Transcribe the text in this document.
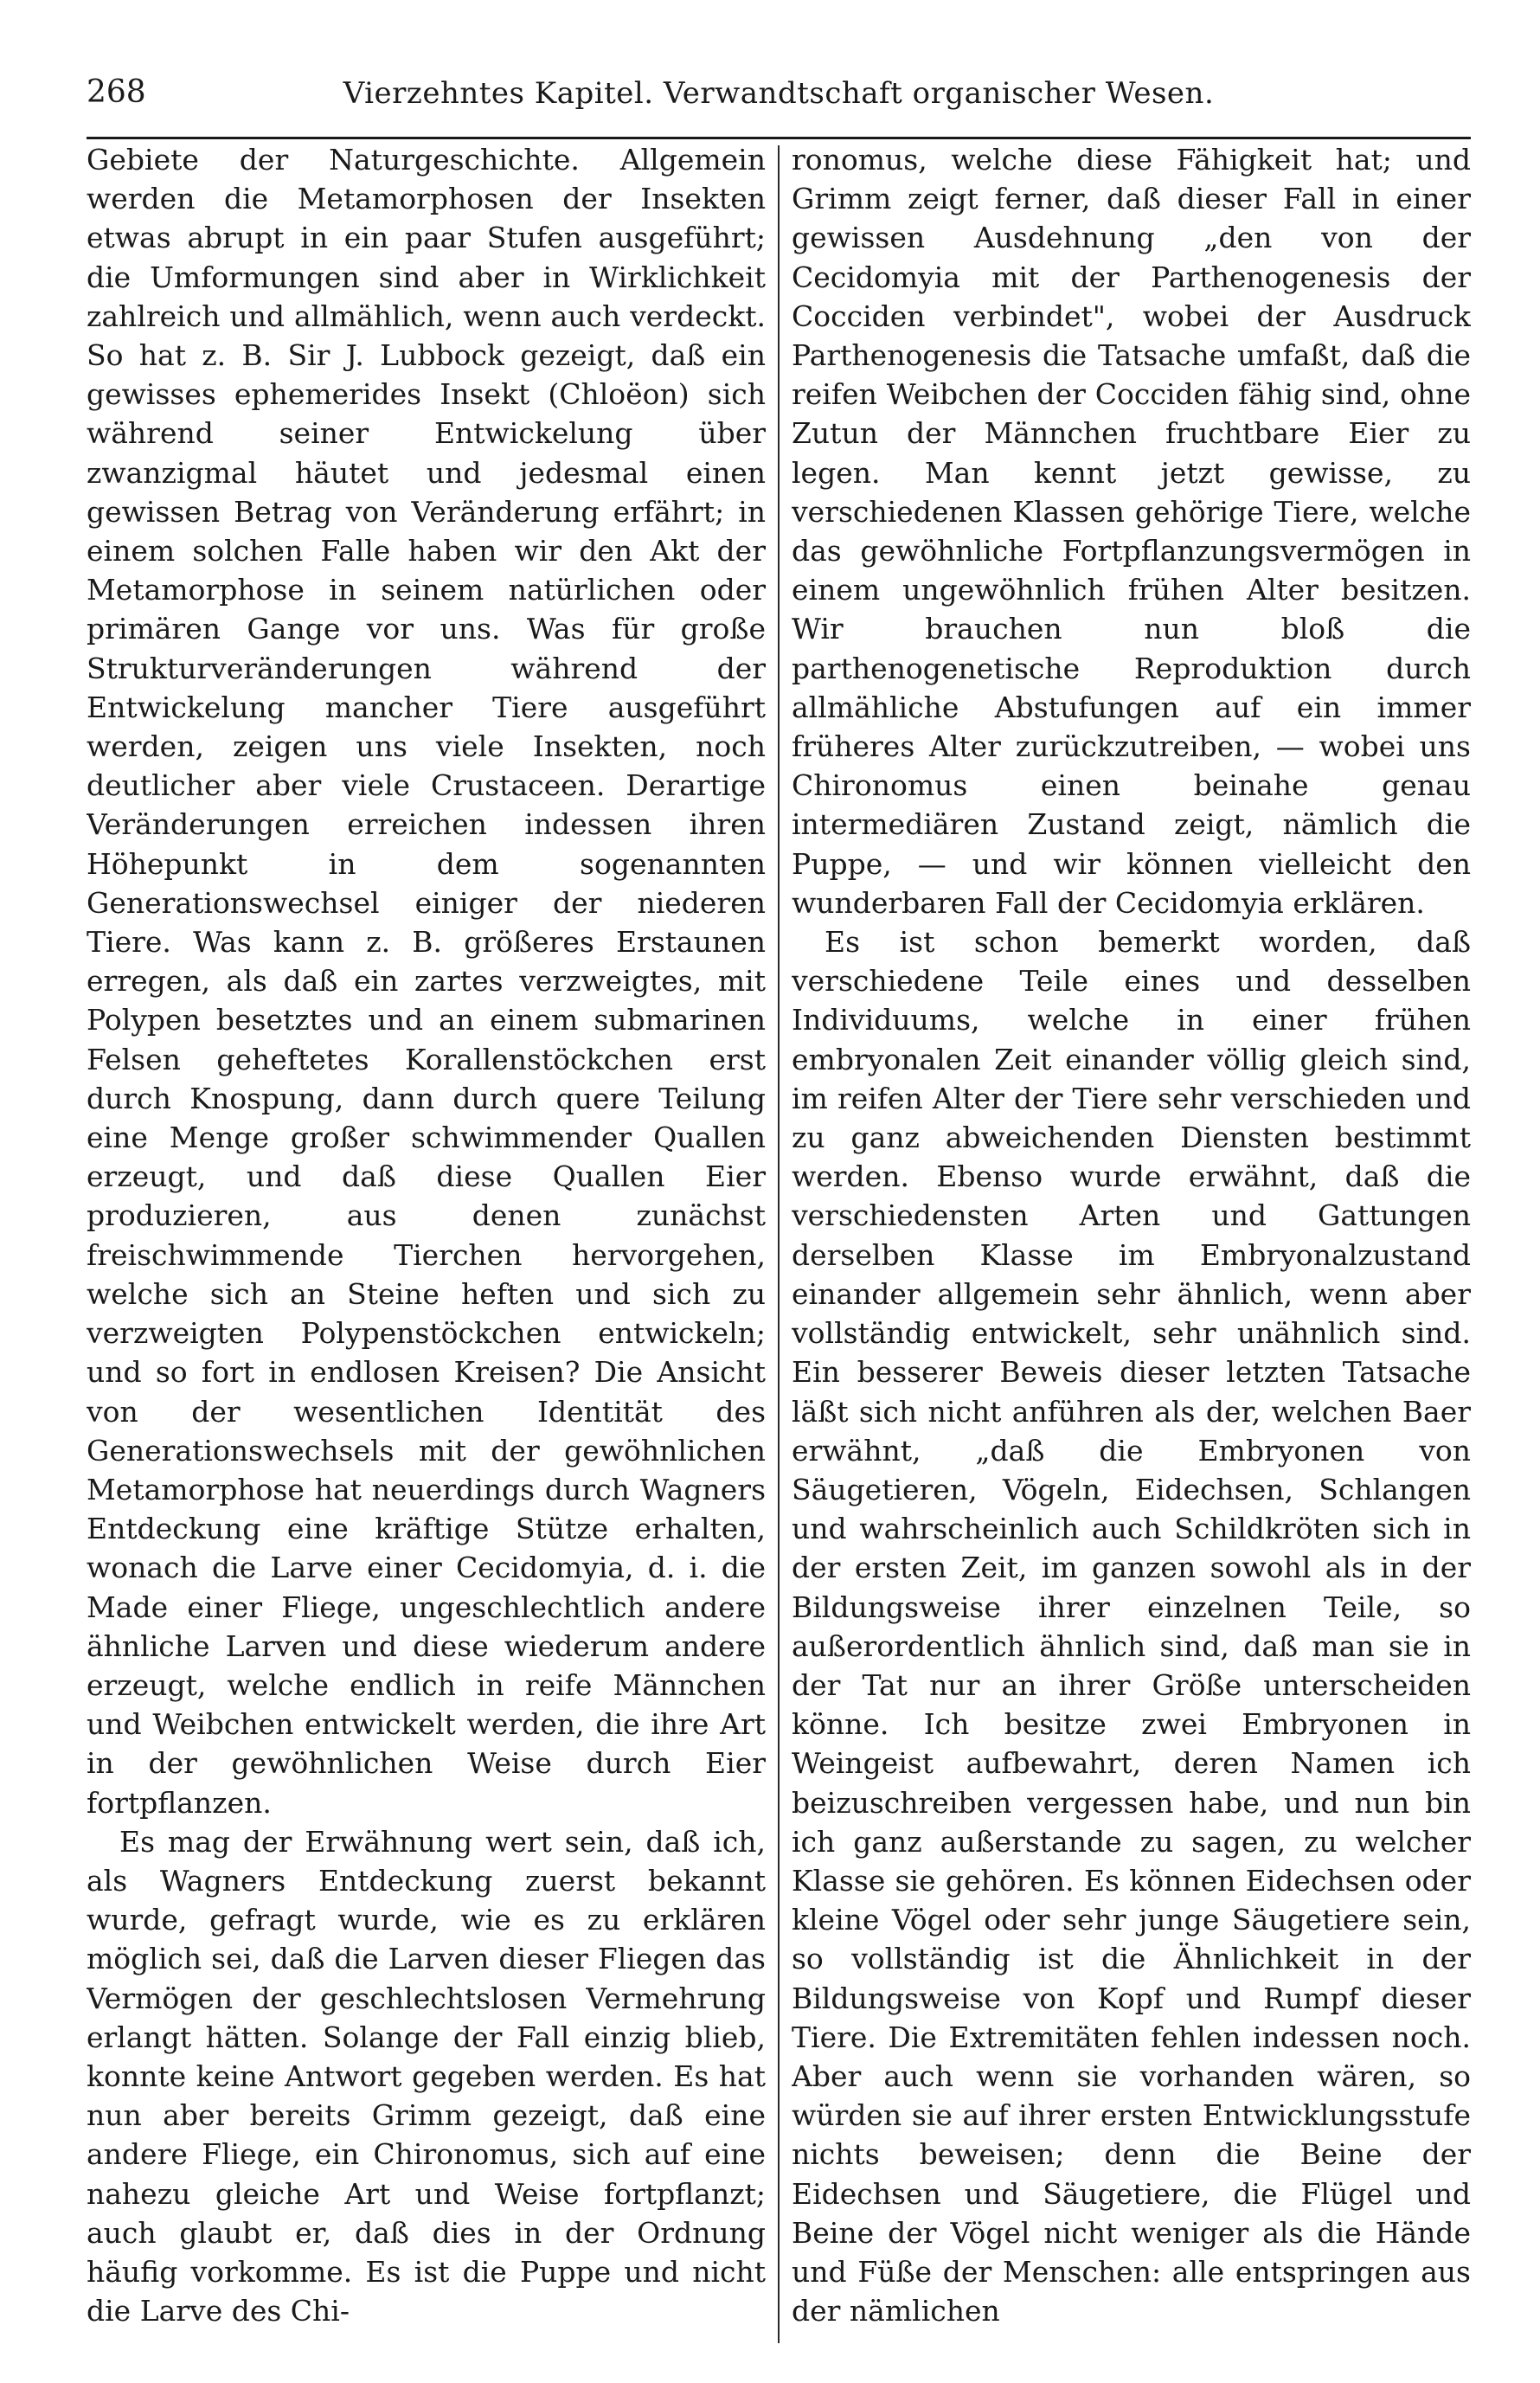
268	Vierzehntes Kapitel. Verwandtschaft organischer Wesen.

Gebiete der Naturgeschichte. Allgemein werden die Metamorphosen der Insekten etwas abrupt in ein paar Stufen ausgeführt; die Umformungen sind aber in Wirklichkeit zahlreich und allmählich, wenn auch verdeckt. So hat z. B. Sir J. Lubbock gezeigt, daß ein gewisses ephemerides Insekt (Chloëon) sich während seiner Entwickelung über zwanzigmal häutet und jedesmal einen gewissen Betrag von Veränderung erfährt; in einem solchen Falle haben wir den Akt der Metamorphose in seinem natürlichen oder primären Gange vor uns. Was für große Strukturveränderungen während der Entwickelung mancher Tiere ausgeführt werden, zeigen uns viele Insekten, noch deutlicher aber viele Crustaceen. Derartige Veränderungen erreichen indessen ihren Höhepunkt in dem sogenannten Generationswechsel einiger der niederen Tiere. Was kann z. B. größeres Erstaunen erregen, als daß ein zartes verzweigtes, mit Polypen besetztes und an einem submarinen Felsen geheftetes Korallenstöckchen erst durch Knospung, dann durch quere Teilung eine Menge großer schwimmender Quallen erzeugt, und daß diese Quallen Eier produzieren, aus denen zunächst freischwimmende Tierchen hervorgehen, welche sich an Steine heften und sich zu verzweigten Polypenstöckchen entwickeln; und so fort in endlosen Kreisen? Die Ansicht von der wesentlichen Identität des Generationswechsels mit der gewöhnlichen Metamorphose hat neuerdings durch Wagners Entdeckung eine kräftige Stütze erhalten, wonach die Larve einer Cecidomyia, d. i. die Made einer Fliege, ungeschlechtlich andere ähnliche Larven und diese wiederum andere erzeugt, welche endlich in reife Männchen und Weibchen entwickelt werden, die ihre Art in der gewöhnlichen Weise durch Eier fortpflanzen.

Es mag der Erwähnung wert sein, daß ich, als Wagners Entdeckung zuerst bekannt wurde, gefragt wurde, wie es zu erklären möglich sei, daß die Larven dieser Fliegen das Vermögen der geschlechtslosen Vermehrung erlangt hätten. Solange der Fall einzig blieb, konnte keine Antwort gegeben werden. Es hat nun aber bereits Grimm gezeigt, daß eine andere Fliege, ein Chironomus, sich auf eine nahezu gleiche Art und Weise fortpflanzt; auch glaubt er, daß dies in der Ordnung häufig vorkomme. Es ist die Puppe und nicht die Larve des Chi-

ronomus, welche diese Fähigkeit hat; und Grimm zeigt ferner, daß dieser Fall in einer gewissen Ausdehnung „den von der Cecidomyia mit der Parthenogenesis der Cocciden verbindet", wobei der Ausdruck Parthenogenesis die Tatsache umfaßt, daß die reifen Weibchen der Cocciden fähig sind, ohne Zutun der Männchen fruchtbare Eier zu legen. Man kennt jetzt gewisse, zu verschiedenen Klassen gehörige Tiere, welche das gewöhnliche Fortpflanzungsvermögen in einem ungewöhnlich frühen Alter besitzen. Wir brauchen nun bloß die parthenogenetische Reproduktion durch allmähliche Abstufungen auf ein immer früheres Alter zurückzutreiben, — wobei uns Chironomus einen beinahe genau intermediären Zustand zeigt, nämlich die Puppe, — und wir können vielleicht den wunderbaren Fall der Cecidomyia erklären.

Es ist schon bemerkt worden, daß verschiedene Teile eines und desselben Individuums, welche in einer frühen embryonalen Zeit einander völlig gleich sind, im reifen Alter der Tiere sehr verschieden und zu ganz abweichenden Diensten bestimmt werden. Ebenso wurde erwähnt, daß die verschiedensten Arten und Gattungen derselben Klasse im Embryonalzustand einander allgemein sehr ähnlich, wenn aber vollständig entwickelt, sehr unähnlich sind. Ein besserer Beweis dieser letzten Tatsache läßt sich nicht anführen als der, welchen Baer erwähnt, „daß die Embryonen von Säugetieren, Vögeln, Eidechsen, Schlangen und wahrscheinlich auch Schildkröten sich in der ersten Zeit, im ganzen sowohl als in der Bildungsweise ihrer einzelnen Teile, so außerordentlich ähnlich sind, daß man sie in der Tat nur an ihrer Größe unterscheiden könne. Ich besitze zwei Embryonen in Weingeist aufbewahrt, deren Namen ich beizuschreiben vergessen habe, und nun bin ich ganz außerstande zu sagen, zu welcher Klasse sie gehören. Es können Eidechsen oder kleine Vögel oder sehr junge Säugetiere sein, so vollständig ist die Ähnlichkeit in der Bildungsweise von Kopf und Rumpf dieser Tiere. Die Extremitäten fehlen indessen noch. Aber auch wenn sie vorhanden wären, so würden sie auf ihrer ersten Entwicklungsstufe nichts beweisen; denn die Beine der Eidechsen und Säugetiere, die Flügel und Beine der Vögel nicht weniger als die Hände und Füße der Menschen: alle entspringen aus der nämlichen
